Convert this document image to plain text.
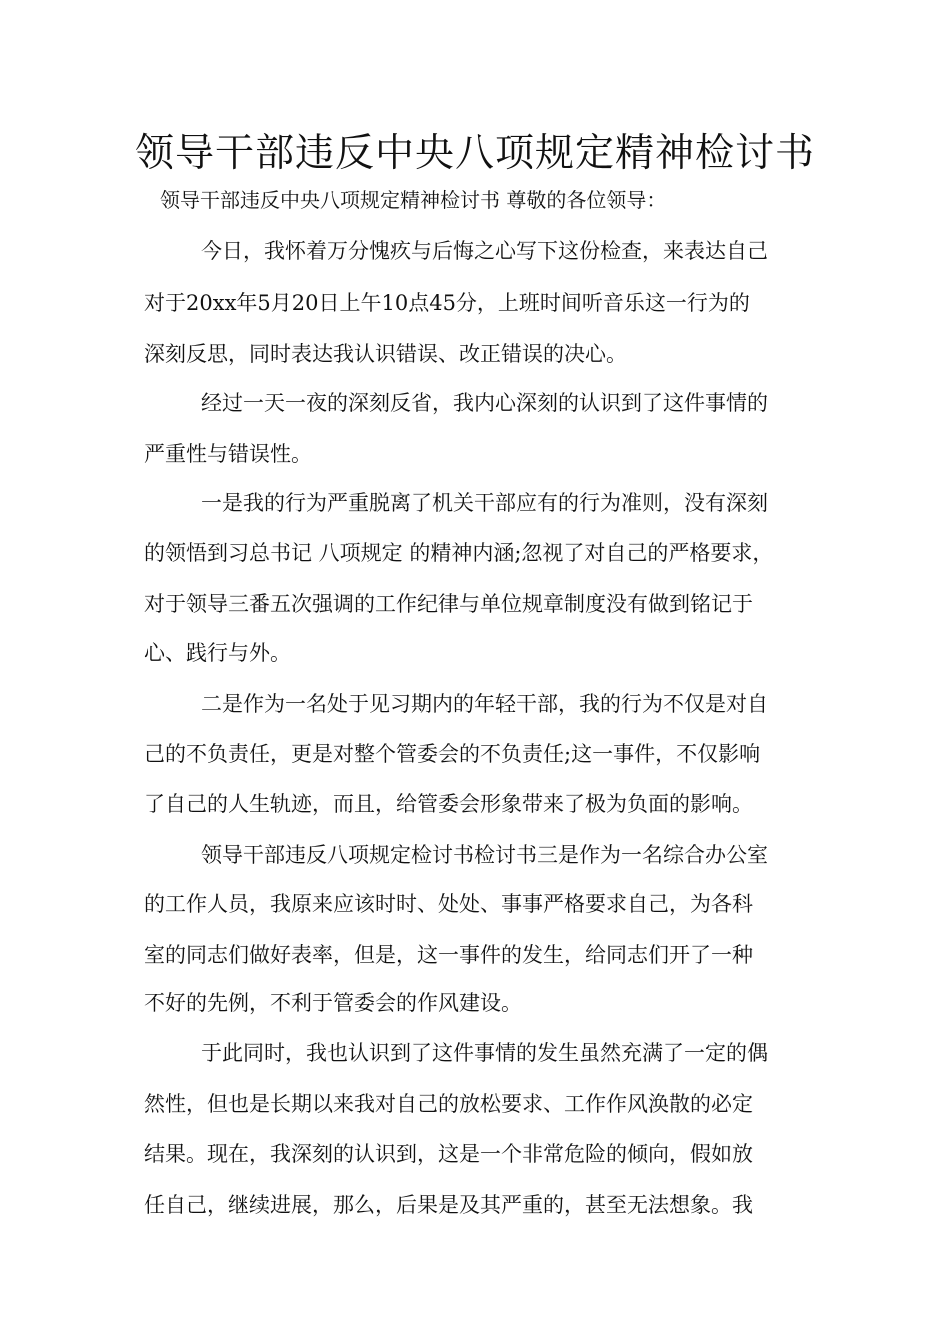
领导干部违反中央八项规定精神检讨书
领导干部违反中央八项规定精神检讨书 尊敬的各位领导：
今日，我怀着万分愧疚与后悔之心写下这份检查，来表达自己
对于20xx年5月20日上午10点45分，上班时间听音乐这一行为的
深刻反思，同时表达我认识错误、改正错误的决心。
经过一天一夜的深刻反省，我内心深刻的认识到了这件事情的
严重性与错误性。
一是我的行为严重脱离了机关干部应有的行为准则，没有深刻
的领悟到习总书记 八项规定 的精神内涵;忽视了对自己的严格要求，
对于领导三番五次强调的工作纪律与单位规章制度没有做到铭记于
心、践行与外。
二是作为一名处于见习期内的年轻干部，我的行为不仅是对自
己的不负责任，更是对整个管委会的不负责任;这一事件，不仅影响
了自己的人生轨迹，而且，给管委会形象带来了极为负面的影响。
领导干部违反八项规定检讨书检讨书三是作为一名综合办公室
的工作人员，我原来应该时时、处处、事事严格要求自己，为各科
室的同志们做好表率，但是，这一事件的发生，给同志们开了一种
不好的先例，不利于管委会的作风建设。
于此同时，我也认识到了这件事情的发生虽然充满了一定的偶
然性，但也是长期以来我对自己的放松要求、工作作风涣散的必定
结果。现在，我深刻的认识到，这是一个非常危险的倾向，假如放
任自己，继续进展，那么，后果是及其严重的，甚至无法想象。我
